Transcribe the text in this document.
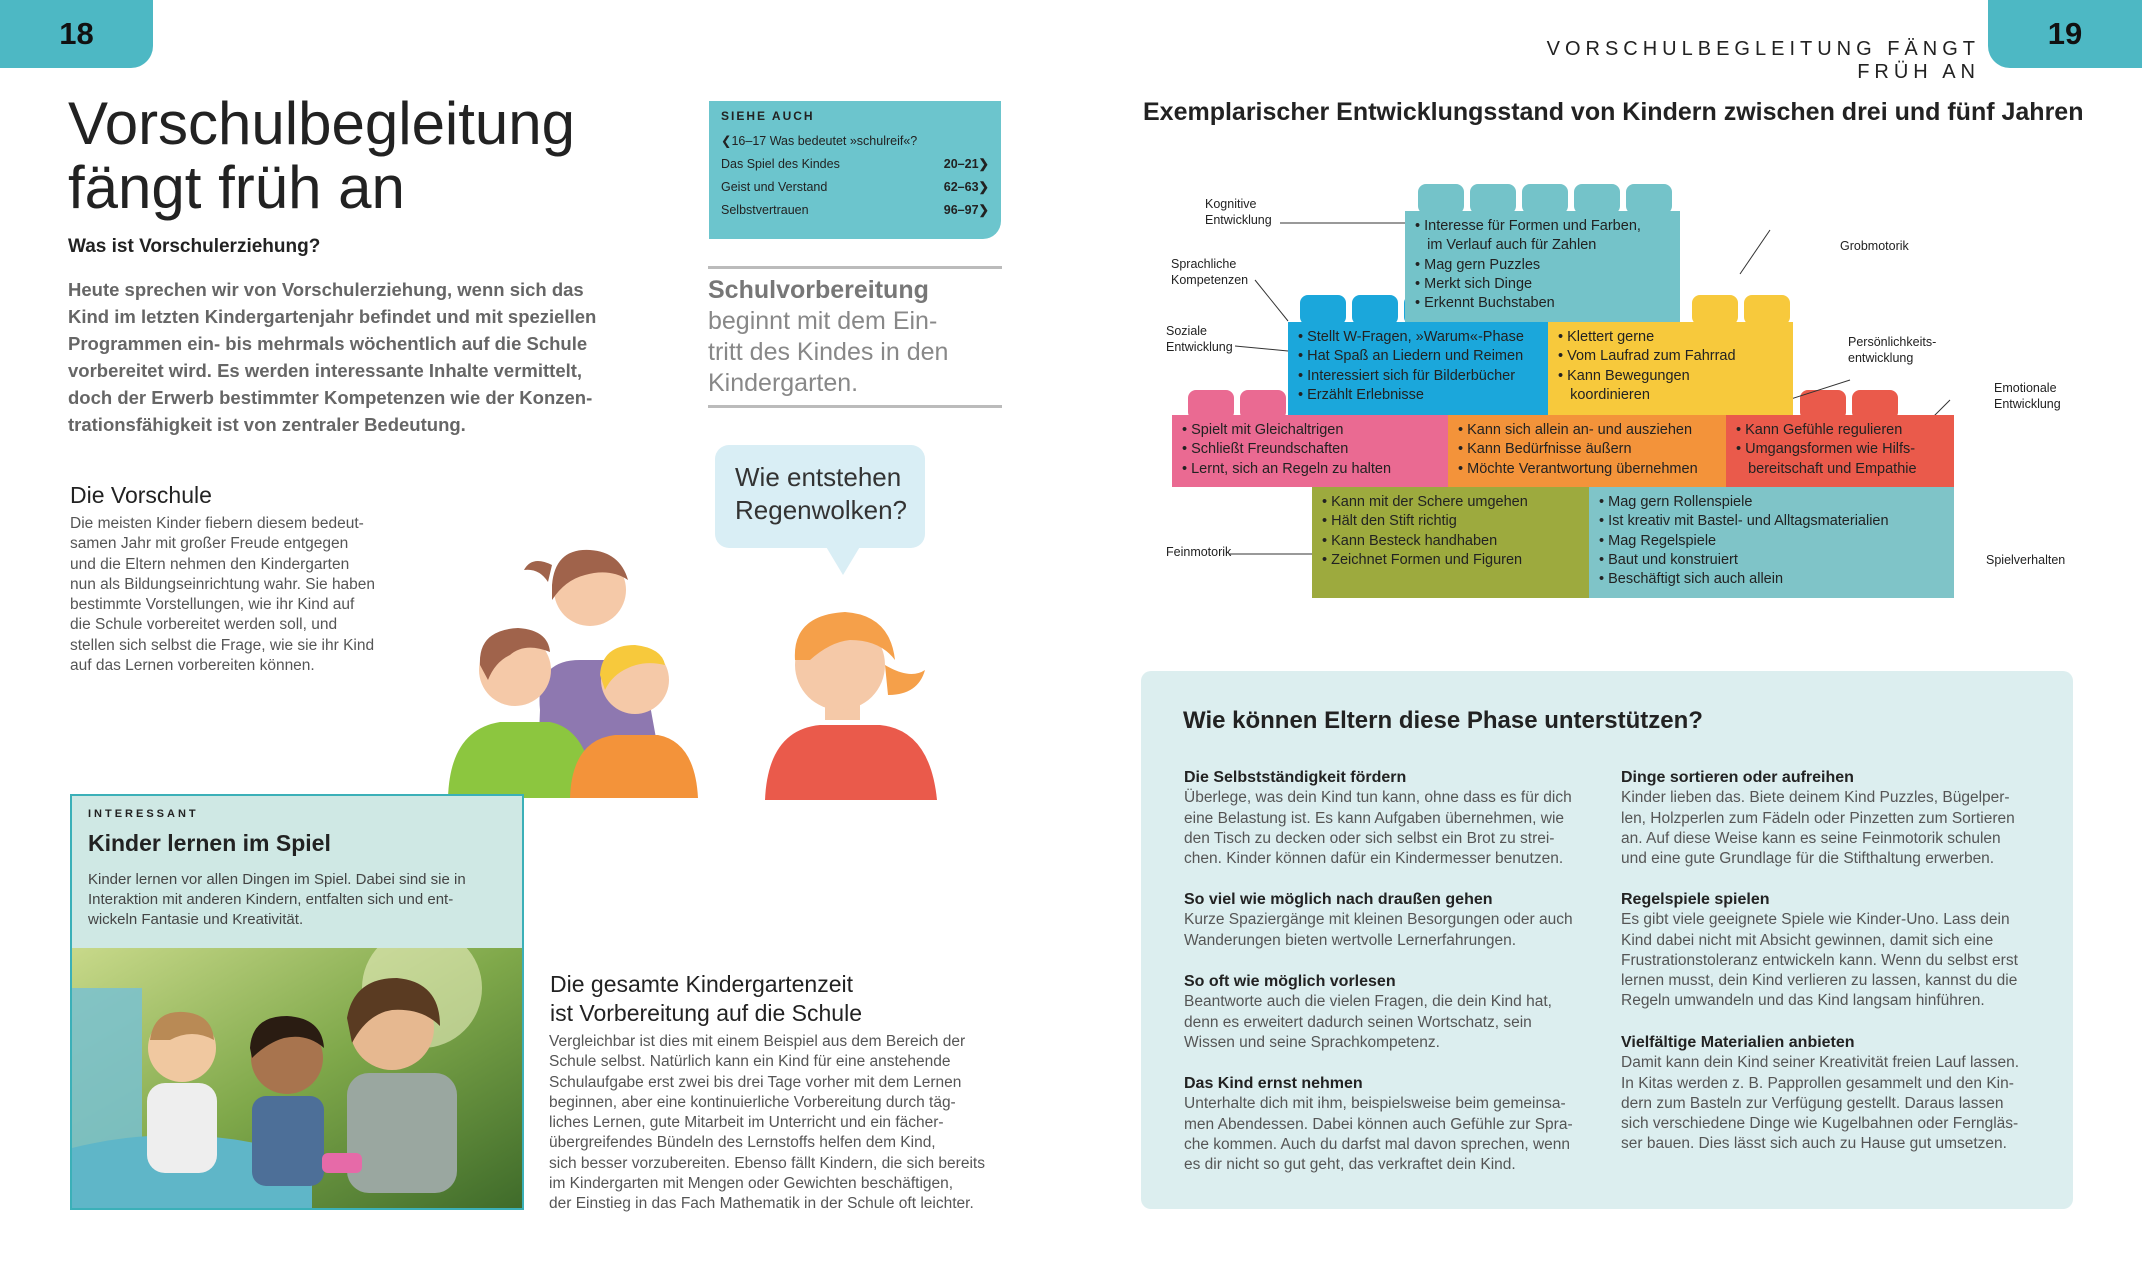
18	19
VORSCHULBEGLEITUNG FÄNGT FRÜH AN
Vorschulbegleitung
fängt früh an
Was ist Vorschulerziehung?
Heute sprechen wir von Vorschulerziehung, wenn sich das
Kind im letzten Kindergartenjahr befindet und mit speziellen
Programmen ein- bis mehrmals wöchentlich auf die Schule
vorbereitet wird. Es werden interessante Inhalte vermittelt,
doch der Erwerb bestimmter Kompetenzen wie der Konzen-
trationsfähigkeit ist von zentraler Bedeutung.
SIEHE AUCH
❮16–17 Was bedeutet »schulreif«?
Das Spiel des Kindes	20–21❯
Geist und Verstand	62–63❯
Selbstvertrauen	96–97❯
Schulvorbereitung
beginnt mit dem Ein-
tritt des Kindes in den
Kindergarten.
Wie entstehen
Regenwolken?
Die Vorschule
Die meisten Kinder fiebern diesem bedeut-
samen Jahr mit großer Freude entgegen
und die Eltern nehmen den Kindergarten
nun als Bildungseinrichtung wahr. Sie haben
bestimmte Vorstellungen, wie ihr Kind auf
die Schule vorbereitet werden soll, und
stellen sich selbst die Frage, wie sie ihr Kind
auf das Lernen vorbereiten können.
INTERESSANT
Kinder lernen im Spiel
Kinder lernen vor allen Dingen im Spiel. Dabei sind sie in
Interaktion mit anderen Kindern, entfalten sich und ent-
wickeln Fantasie und Kreativität.
Die gesamte Kindergartenzeit
ist Vorbereitung auf die Schule
Vergleichbar ist dies mit einem Beispiel aus dem Bereich der
Schule selbst. Natürlich kann ein Kind für eine anstehende
Schulaufgabe erst zwei bis drei Tage vorher mit dem Lernen
beginnen, aber eine kontinuierliche Vorbereitung durch täg-
liches Lernen, gute Mitarbeit im Unterricht und ein fächer-
übergreifendes Bündeln des Lernstoffs helfen dem Kind,
sich besser vorzubereiten. Ebenso fällt Kindern, die sich bereits
im Kindergarten mit Mengen oder Gewichten beschäftigen,
der Einstieg in das Fach Mathematik in der Schule oft leichter.
Exemplarischer Entwicklungsstand von Kindern zwischen drei und fünf Jahren
• Interesse für Formen und Farben,
im Verlauf auch für Zahlen
• Mag gern Puzzles
• Merkt sich Dinge
• Erkennt Buchstaben
• Stellt W-Fragen, »Warum«-Phase
• Hat Spaß an Liedern und Reimen
• Interessiert sich für Bilderbücher
• Erzählt Erlebnisse
• Klettert gerne
• Vom Laufrad zum Fahrrad
• Kann Bewegungen
koordinieren
• Spielt mit Gleichaltrigen
• Schließt Freundschaften
• Lernt, sich an Regeln zu halten
• Kann sich allein an- und ausziehen
• Kann Bedürfnisse äußern
• Möchte Verantwortung übernehmen
• Kann Gefühle regulieren
• Umgangsformen wie Hilfs-
bereitschaft und Empathie
• Kann mit der Schere umgehen
• Hält den Stift richtig
• Kann Besteck handhaben
• Zeichnet Formen und Figuren
• Mag gern Rollenspiele
• Ist kreativ mit Bastel- und Alltagsmaterialien
• Mag Regelspiele
• Baut und konstruiert
• Beschäftigt sich auch allein
Kognitive
Entwicklung
Sprachliche
Kompetenzen
Soziale
Entwicklung
Grobmotorik
Persönlichkeits-
entwicklung
Emotionale
Entwicklung
Feinmotorik
Spielverhalten
Wie können Eltern diese Phase unterstützen?
Die Selbstständigkeit fördern
Überlege, was dein Kind tun kann, ohne dass es für dich
eine Belastung ist. Es kann Aufgaben übernehmen, wie
den Tisch zu decken oder sich selbst ein Brot zu strei-
chen. Kinder können dafür ein Kindermesser benutzen.
So viel wie möglich nach draußen gehen
Kurze Spaziergänge mit kleinen Besorgungen oder auch
Wanderungen bieten wertvolle Lernerfahrungen.
So oft wie möglich vorlesen
Beantworte auch die vielen Fragen, die dein Kind hat,
denn es erweitert dadurch seinen Wortschatz, sein
Wissen und seine Sprachkompetenz.
Das Kind ernst nehmen
Unterhalte dich mit ihm, beispielsweise beim gemeinsa-
men Abendessen. Dabei können auch Gefühle zur Spra-
che kommen. Auch du darfst mal davon sprechen, wenn
es dir nicht so gut geht, das verkraftet dein Kind.
Dinge sortieren oder aufreihen
Kinder lieben das. Biete deinem Kind Puzzles, Bügelper-
len, Holzperlen zum Fädeln oder Pinzetten zum Sortieren
an. Auf diese Weise kann es seine Feinmotorik schulen
und eine gute Grundlage für die Stifthaltung erwerben.
Regelspiele spielen
Es gibt viele geeignete Spiele wie Kinder-Uno. Lass dein
Kind dabei nicht mit Absicht gewinnen, damit sich eine
Frustrationstoleranz entwickeln kann. Wenn du selbst erst
lernen musst, dein Kind verlieren zu lassen, kannst du die
Regeln umwandeln und das Kind langsam hinführen.
Vielfältige Materialien anbieten
Damit kann dein Kind seiner Kreativität freien Lauf lassen.
In Kitas werden z. B. Papprollen gesammelt und den Kin-
dern zum Basteln zur Verfügung gestellt. Daraus lassen
sich verschiedene Dinge wie Kugelbahnen oder Ferngläs-
ser bauen. Dies lässt sich auch zu Hause gut umsetzen.
